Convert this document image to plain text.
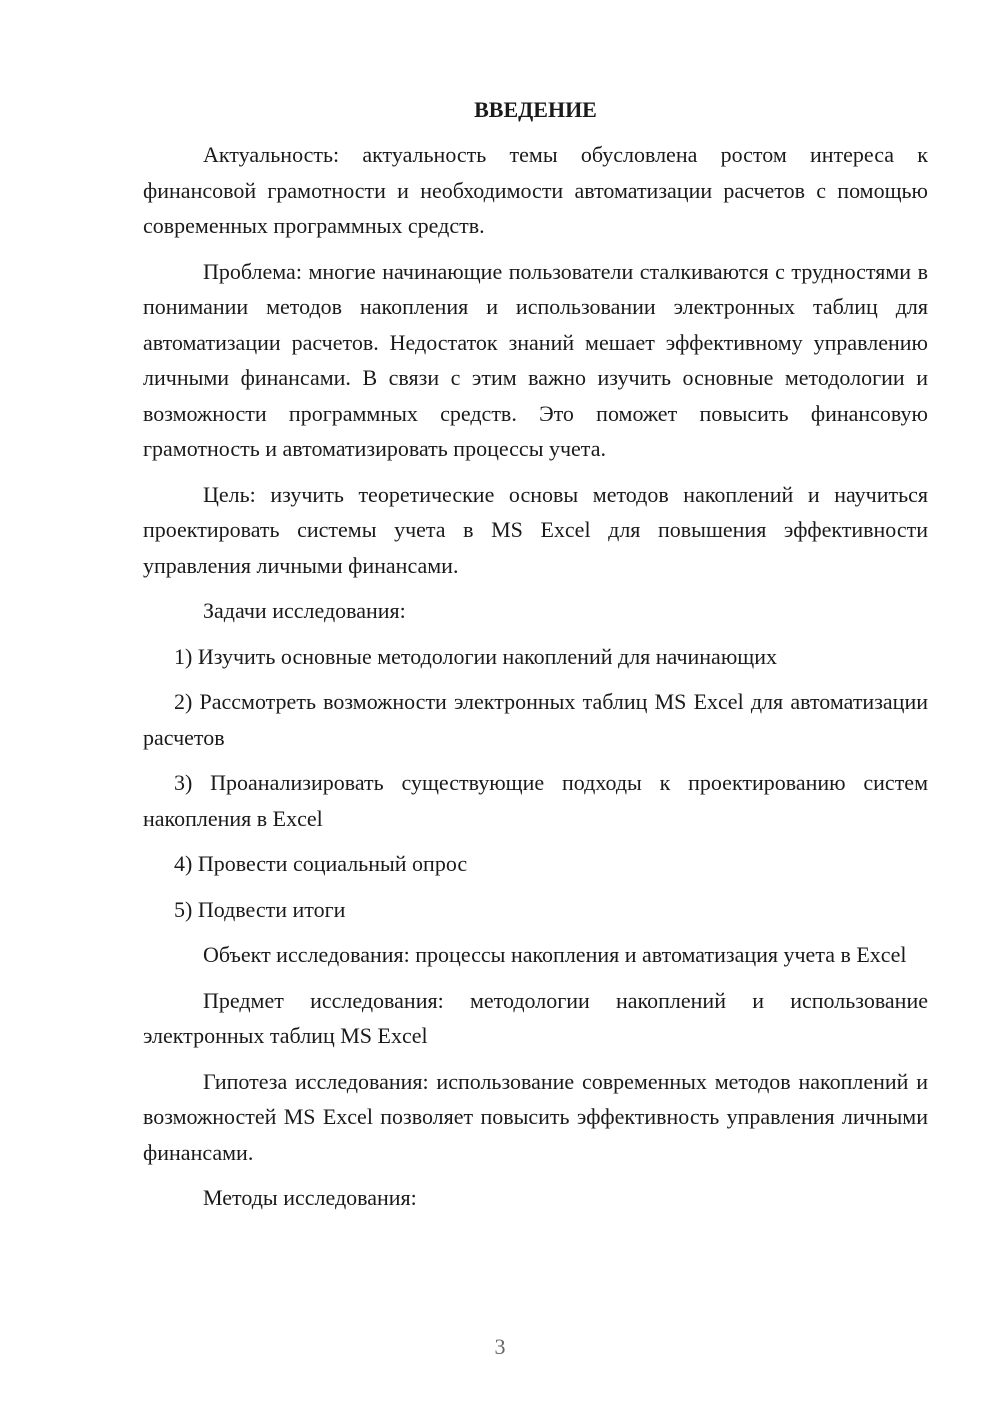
ВВЕДЕНИЕ

Актуальность: актуальность темы обусловлена ростом интереса к финансовой грамотности и необходимости автоматизации расчетов с помощью современных программных средств.

Проблема: многие начинающие пользователи сталкиваются с трудностями в понимании методов накопления и использовании электронных таблиц для автоматизации расчетов. Недостаток знаний мешает эффективному управлению личными финансами. В связи с этим важно изучить основные методологии и возможности программных средств. Это поможет повысить финансовую грамотность и автоматизировать процессы учета.

Цель: изучить теоретические основы методов накоплений и научиться проектировать системы учета в MS Excel для повышения эффективности управления личными финансами.

Задачи исследования:

1) Изучить основные методологии накоплений для начинающих

2) Рассмотреть возможности электронных таблиц MS Excel для автоматизации расчетов

3) Проанализировать существующие подходы к проектированию систем накопления в Excel

4) Провести социальный опрос

5) Подвести итоги

Объект исследования: процессы накопления и автоматизация учета в Excel

Предмет исследования: методологии накоплений и использование электронных таблиц MS Excel

Гипотеза исследования: использование современных методов накоплений и возможностей MS Excel позволяет повысить эффективность управления личными финансами.

Методы исследования:

3
